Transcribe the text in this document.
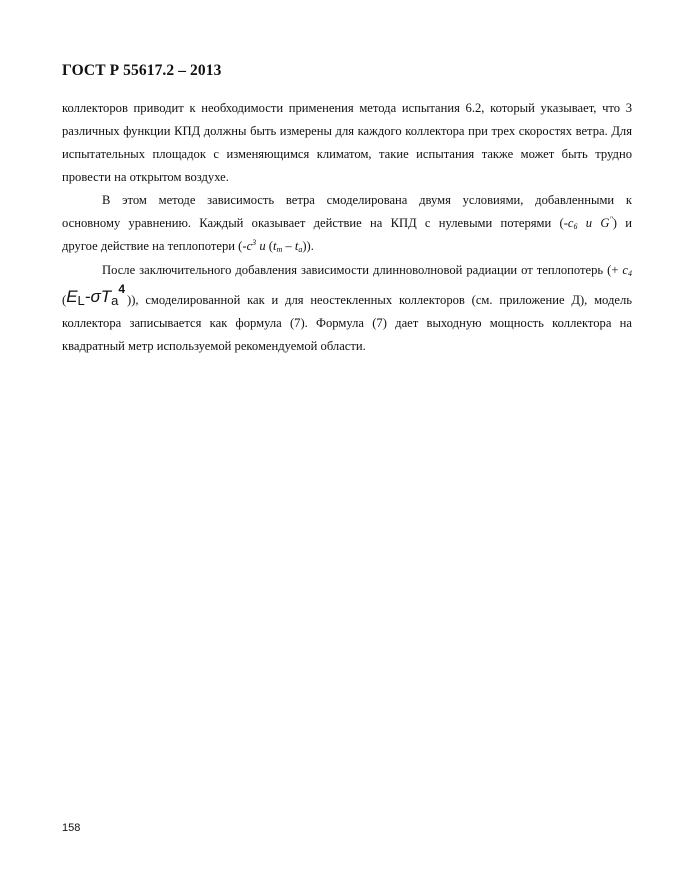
ГОСТ Р 55617.2 – 2013

коллекторов приводит к необходимости применения метода испытания 6.2, который указывает, что 3
различных функции КПД должны быть измерены для каждого коллектора при трех скоростях ветра. Для
испытательных площадок с изменяющимся климатом, такие испытания также может быть трудно
провести на открытом воздухе.

В этом методе зависимость ветра смоделирована двумя условиями, добавленными к
основному уравнению. Каждый оказывает действие на КПД с нулевыми потерями ($-c_6$ u G") и
другое действие на теплопотери ($-c^3$ u $(t_m - t_a)$).

После заключительного добавления зависимости длинноволновой радиации от теплопотерь (+ $c_4$
(EL-σTa$^4$)), смоделированной как и для неостекленных коллекторов (см. приложение Д), модель
коллектора записывается как формула (7). Формула (7) дает выходную мощность коллектора на
квадратный метр используемой рекомендуемой области.

158
